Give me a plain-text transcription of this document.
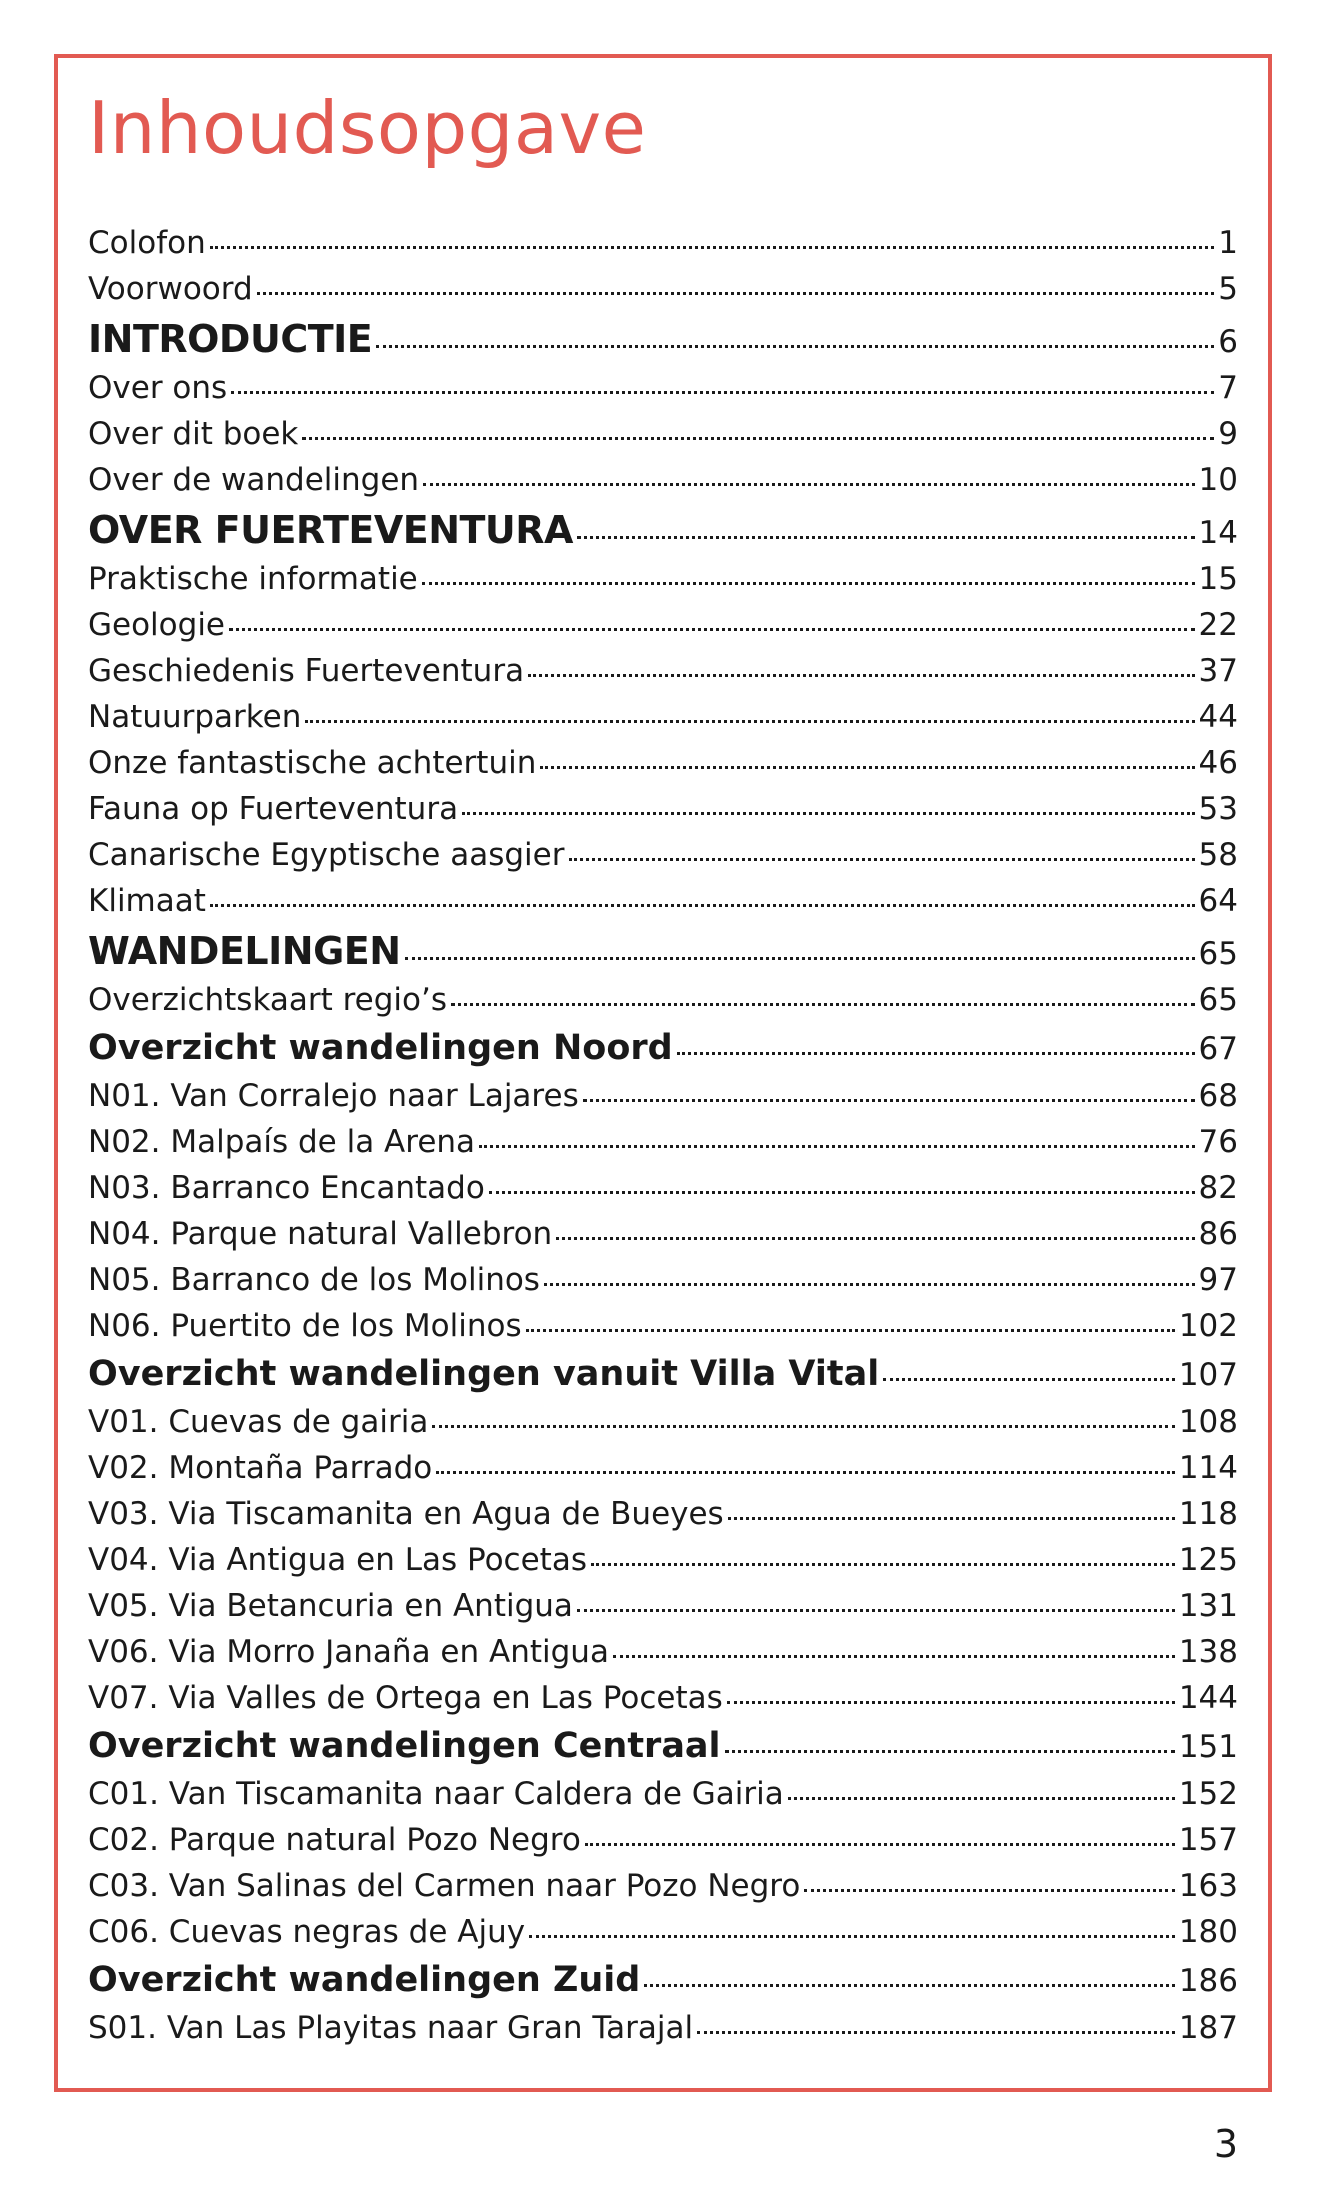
Inhoudsopgave
Colofon	1
Voorwoord	5
INTRODUCTIE	6
Over ons	7
Over dit boek	9
Over de wandelingen	10
OVER FUERTEVENTURA	14
Praktische informatie	15
Geologie	22
Geschiedenis Fuerteventura	37
Natuurparken	44
Onze fantastische achtertuin	46
Fauna op Fuerteventura	53
Canarische Egyptische aasgier	58
Klimaat	64
WANDELINGEN	65
Overzichtskaart regio’s	65
Overzicht wandelingen Noord	67
N01. Van Corralejo naar Lajares	68
N02. Malpaís de la Arena	76
N03. Barranco Encantado	82
N04. Parque natural Vallebron	86
N05. Barranco de los Molinos	97
N06. Puertito de los Molinos	102
Overzicht wandelingen vanuit Villa Vital	107
V01. Cuevas de gairia	108
V02. Montaña Parrado	114
V03. Via Tiscamanita en Agua de Bueyes	118
V04. Via Antigua en Las Pocetas	125
V05. Via Betancuria en Antigua	131
V06. Via Morro Janaña en Antigua	138
V07. Via Valles de Ortega en Las Pocetas	144
Overzicht wandelingen Centraal	151
C01. Van Tiscamanita naar Caldera de Gairia	152
C02. Parque natural Pozo Negro	157
C03. Van Salinas del Carmen naar Pozo Negro	163
C06. Cuevas negras de Ajuy	180
Overzicht wandelingen Zuid	186
S01. Van Las Playitas naar Gran Tarajal	187
3
